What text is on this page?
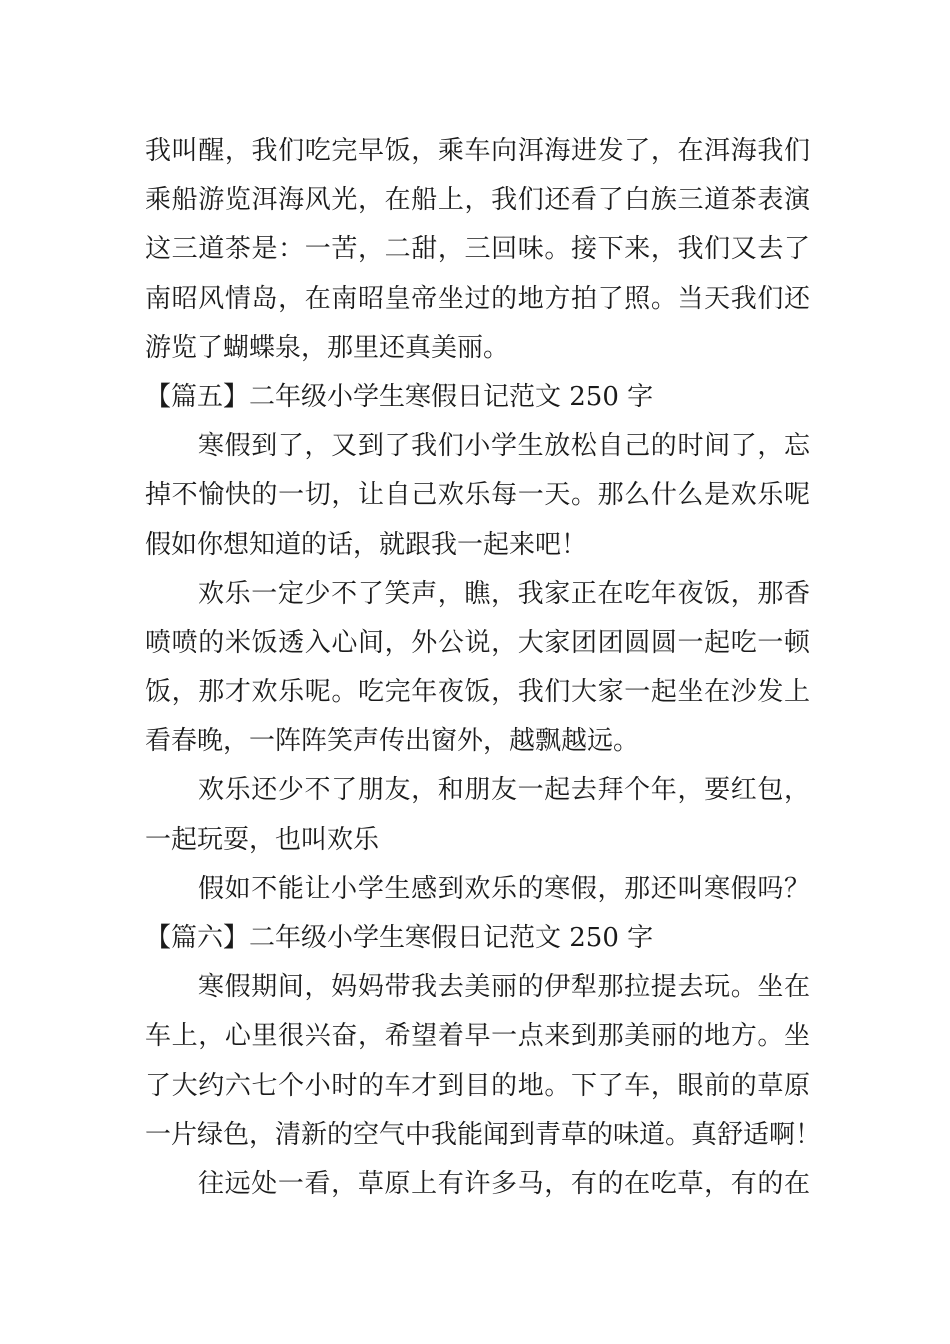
我叫醒，我们吃完早饭，乘车向洱海进发了，在洱海我们
乘船游览洱海风光，在船上，我们还看了白族三道茶表演
这三道茶是：一苦，二甜，三回味。接下来，我们又去了
南昭风情岛，在南昭皇帝坐过的地方拍了照。当天我们还
游览了蝴蝶泉，那里还真美丽。
【篇五】二年级小学生寒假日记范文 250 字
寒假到了，又到了我们小学生放松自己的时间了，忘
掉不愉快的一切，让自己欢乐每一天。那么什么是欢乐呢
假如你想知道的话，就跟我一起来吧！
欢乐一定少不了笑声，瞧，我家正在吃年夜饭，那香
喷喷的米饭透入心间，外公说，大家团团圆圆一起吃一顿
饭，那才欢乐呢。吃完年夜饭，我们大家一起坐在沙发上
看春晚，一阵阵笑声传出窗外，越飘越远。
欢乐还少不了朋友，和朋友一起去拜个年，要红包，
一起玩耍，也叫欢乐
假如不能让小学生感到欢乐的寒假，那还叫寒假吗？
【篇六】二年级小学生寒假日记范文 250 字
寒假期间，妈妈带我去美丽的伊犁那拉提去玩。坐在
车上，心里很兴奋，希望着早一点来到那美丽的地方。坐
了大约六七个小时的车才到目的地。下了车，眼前的草原
一片绿色，清新的空气中我能闻到青草的味道。真舒适啊！
往远处一看，草原上有许多马，有的在吃草，有的在
